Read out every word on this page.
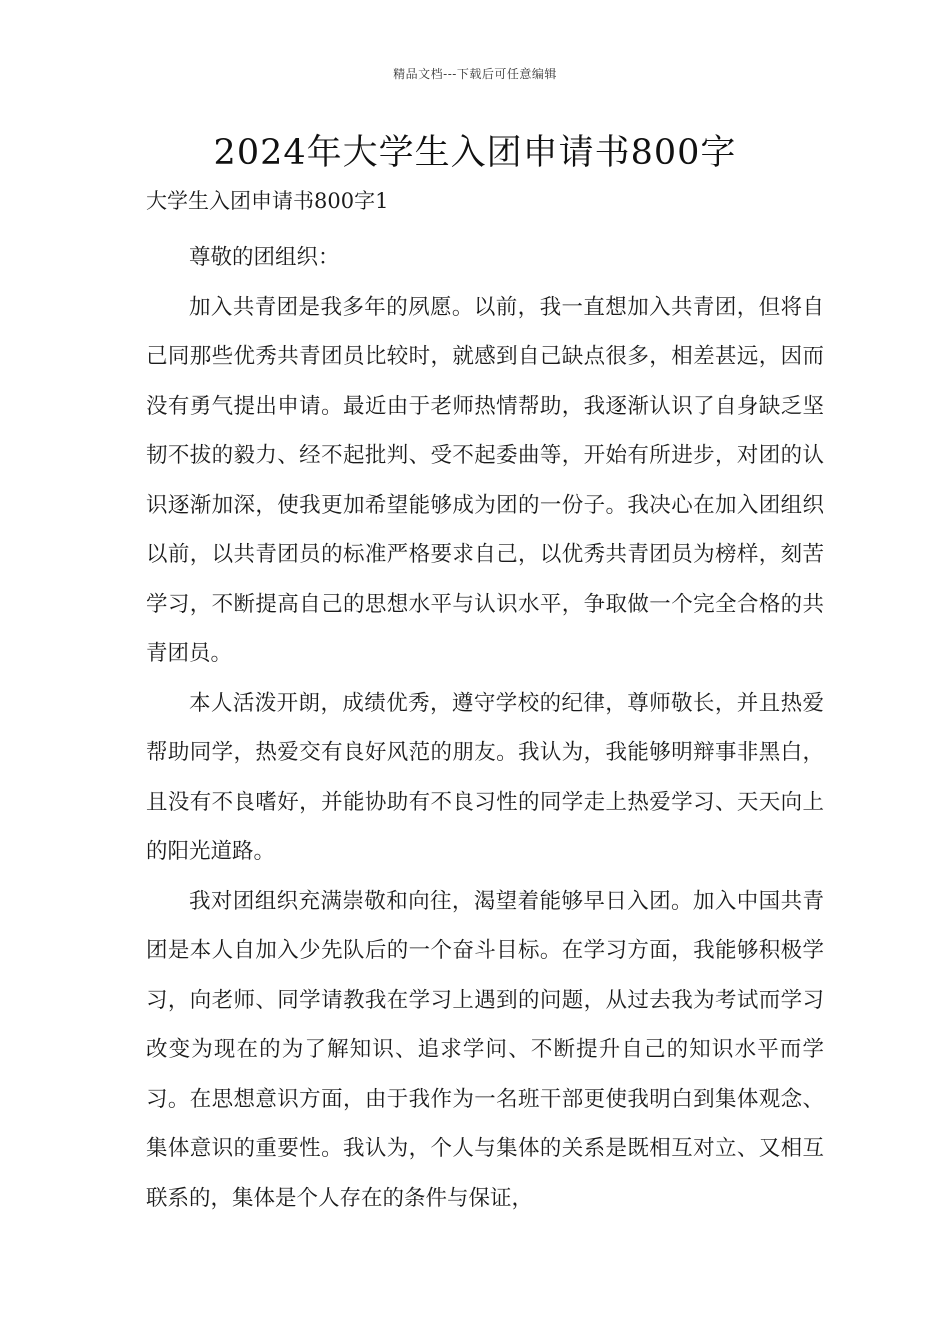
精品文档---下载后可任意编辑
2024年大学生入团申请书800字

大学生入团申请书800字1

尊敬的团组织：

加入共青团是我多年的夙愿。以前，我一直想加入共青团，但将自己同那些优秀共青团员比较时，就感到自己缺点很多，相差甚远，因而没有勇气提出申请。最近由于老师热情帮助，我逐渐认识了自身缺乏坚韧不拔的毅力、经不起批判、受不起委曲等，开始有所进步，对团的认识逐渐加深，使我更加希望能够成为团的一份子。我决心在加入团组织以前，以共青团员的标准严格要求自己，以优秀共青团员为榜样，刻苦学习，不断提高自己的思想水平与认识水平，争取做一个完全合格的共青团员。

本人活泼开朗，成绩优秀，遵守学校的纪律，尊师敬长，并且热爱帮助同学，热爱交有良好风范的朋友。我认为，我能够明辩事非黑白，且没有不良嗜好，并能协助有不良习性的同学走上热爱学习、天天向上的阳光道路。

我对团组织充满崇敬和向往，渴望着能够早日入团。加入中国共青团是本人自加入少先队后的一个奋斗目标。在学习方面，我能够积极学习，向老师、同学请教我在学习上遇到的问题，从过去我为考试而学习改变为现在的为了解知识、追求学问、不断提升自己的知识水平而学习。在思想意识方面，由于我作为一名班干部更使我明白到集体观念、集体意识的重要性。我认为，个人与集体的关系是既相互对立、又相互联系的，集体是个人存在的条件与保证，
